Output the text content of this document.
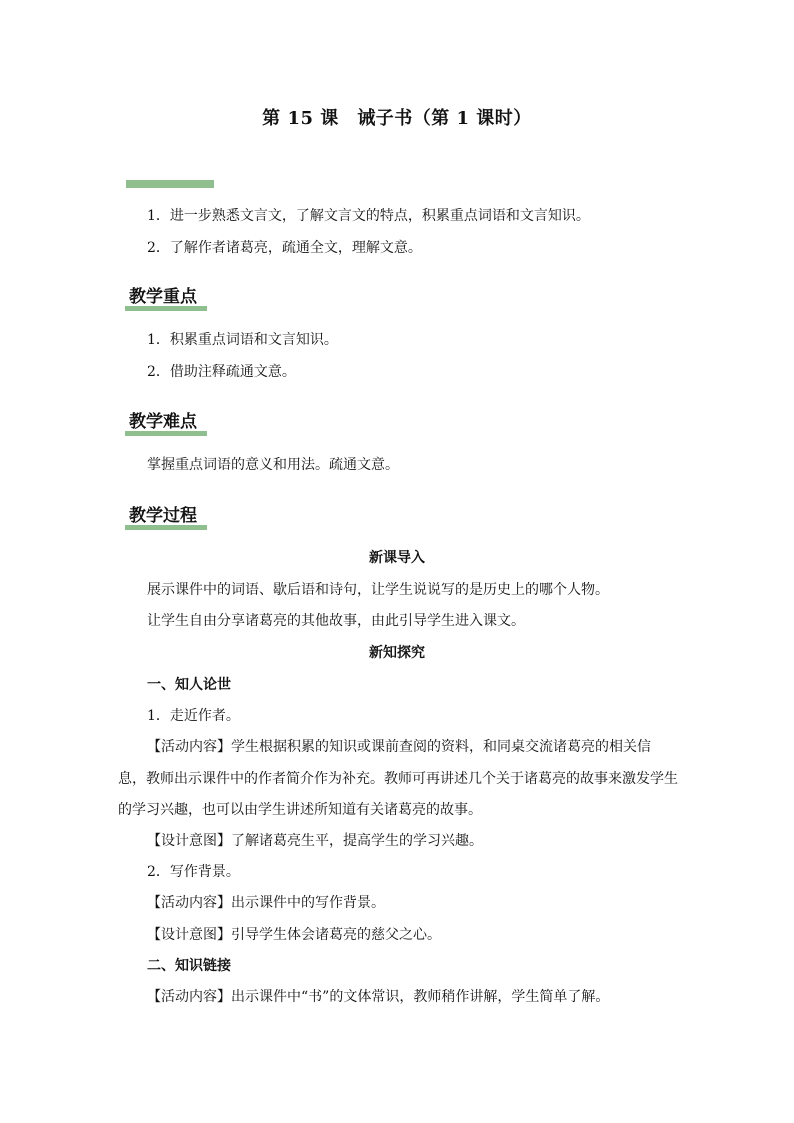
第 15 课　诫子书（第 1 课时）
1．进一步熟悉文言文，了解文言文的特点，积累重点词语和文言知识。
2．了解作者诸葛亮，疏通全文，理解文意。
教学重点
1．积累重点词语和文言知识。
2．借助注释疏通文意。
教学难点
掌握重点词语的意义和用法。疏通文意。
教学过程
新课导入
展示课件中的词语、歇后语和诗句，让学生说说写的是历史上的哪个人物。
让学生自由分享诸葛亮的其他故事，由此引导学生进入课文。
新知探究
一、知人论世
1．走近作者。
【活动内容】学生根据积累的知识或课前查阅的资料，和同桌交流诸葛亮的相关信息，教师出示课件中的作者简介作为补充。教师可再讲述几个关于诸葛亮的故事来激发学生的学习兴趣，也可以由学生讲述所知道有关诸葛亮的故事。
【设计意图】了解诸葛亮生平，提高学生的学习兴趣。
2．写作背景。
【活动内容】出示课件中的写作背景。
【设计意图】引导学生体会诸葛亮的慈父之心。
二、知识链接
【活动内容】出示课件中“书”的文体常识，教师稍作讲解，学生简单了解。
